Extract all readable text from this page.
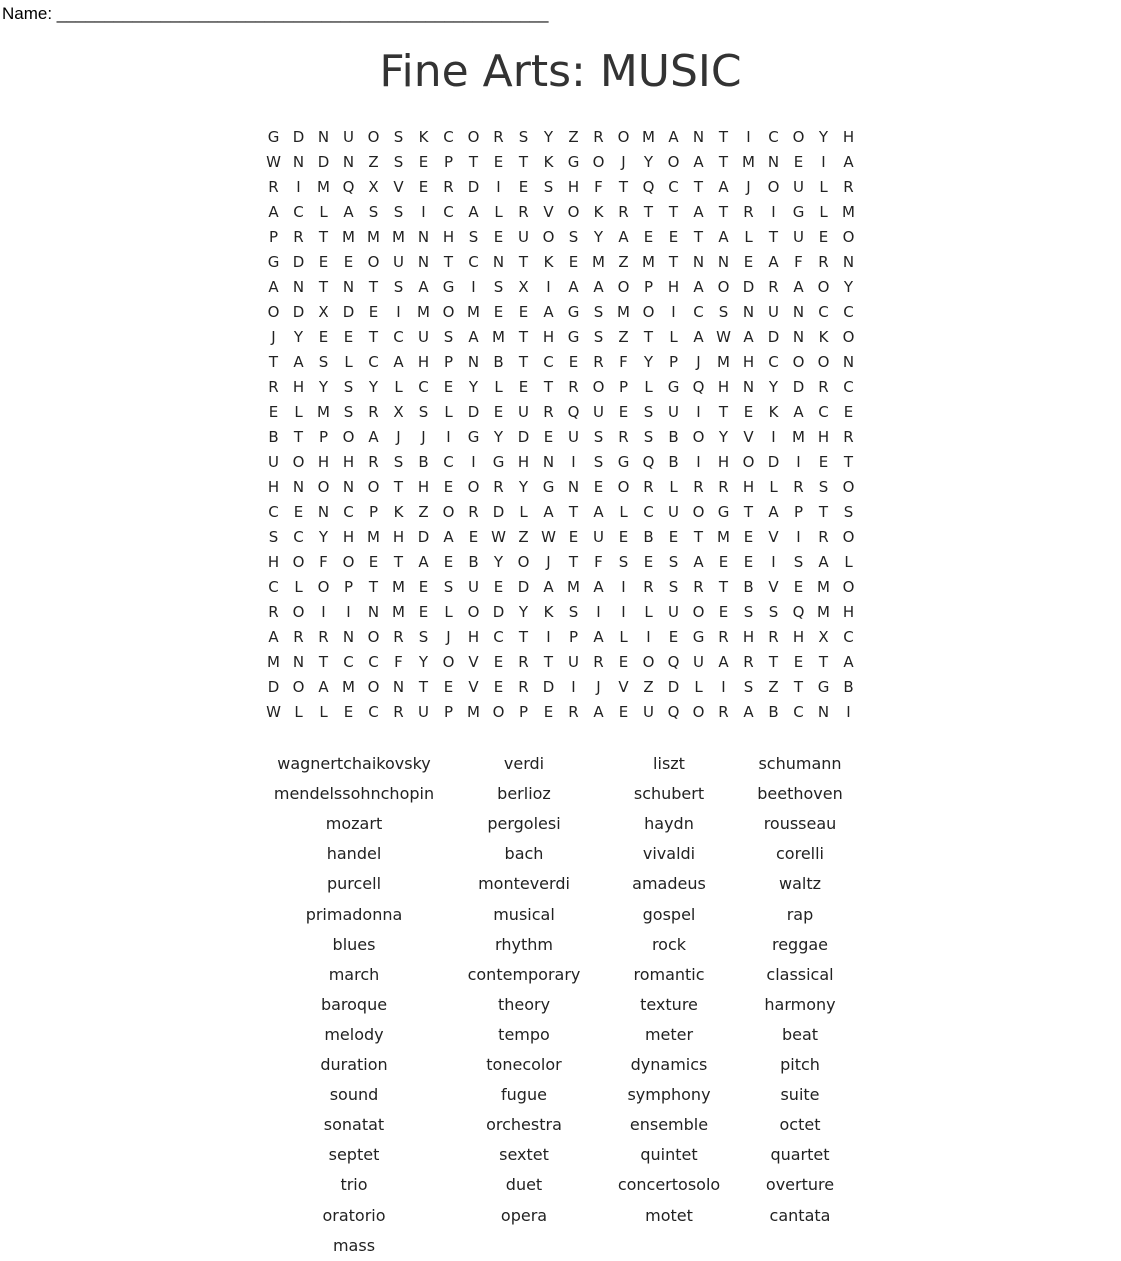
Name: ____________________________________________________
Fine Arts: MUSIC
G D N U O S	K C O R	S	Y	Z R O M A N T	I	C O Y H
W N D N Z	S	E	P	T	E	T	K G O	J	Y O A	T M N E	I	A
R	I	M Q X V	E	R D	I	E	S H	F	T Q C	T	A	J	O U	L	R
A C	L	A	S	S	I	C A	L	R V O K R	T	T	A	T	R	I	G	L M
P	R	T M M M N H S	E U O S	Y	A	E	E	T	A	L	T U E O
G D E	E O U N T	C N T	K	E M Z M T N N E	A	F	R N
A N T N T	S	A G	I	S	X	I	A A O P H A O D R A O Y
O D X D E	I	M O M E	E	A G S M O	I	C	S N U N C C
J	Y	E	E	T	C U S	A M T H G S	Z	T	L	A W A D N K O
T	A	S	L	C A H P N B	T	C	E	R	F	Y	P	J	M H C O O N
R H Y	S	Y	L	C	E	Y	L	E	T	R O P	L	G Q H N Y D R C
E	L M S	R X	S	L	D E U R Q U E	S U	I	T	E	K A C	E
B	T	P O A	J	J	I	G Y D E U S	R	S	B O Y	V	I	M H R
U O H H R	S	B C	I	G H N	I	S G Q B	I	H O D	I	E	T
H N O N O T H E O R	Y G N E O R	L	R R H	L	R	S O
C	E N C	P	K Z O R D	L	A	T	A	L	C U O G T	A	P	T	S
S C	Y H M H D A	E W Z W E U E	B	E	T M E	V	I	R O
H O F O E	T	A	E	B	Y O	J	T	F	S	E	S	A	E	E	I	S	A	L
C	L O P	T M E	S U E D A M A	I	R	S	R	T	B V	E M O
R O	I	I	N M E	L O D Y	K	S	I	I	L	U O E	S	S Q M H
A R R N O R	S	J	H C	T	I	P	A	L	I	E G R H R H X C
M N T	C C	F	Y O V	E	R	T U R	E O Q U A R	T	E	T	A
D O A M O N T	E	V	E	R D	I	J	V Z D	L	I	S	Z	T G B
W L	L	E	C R U P M O P	E	R A	E U Q O R A B C N	I
wagnertchaikovsky	verdi	liszt	schumann
mendelssohnchopin	berlioz	schubert	beethoven
mozart	pergolesi	haydn	rousseau
handel	bach	vivaldi	corelli
purcell	monteverdi	amadeus	waltz
primadonna	musical	gospel	rap
blues	rhythm	rock	reggae
march	contemporary	romantic	classical
baroque	theory	texture	harmony
melody	tempo	meter	beat
duration	tonecolor	dynamics	pitch
sound	fugue	symphony	suite
sonatat	orchestra	ensemble	octet
septet	sextet	quintet	quartet
trio	duet	concertosolo	overture
oratorio	opera	motet	cantata
mass
